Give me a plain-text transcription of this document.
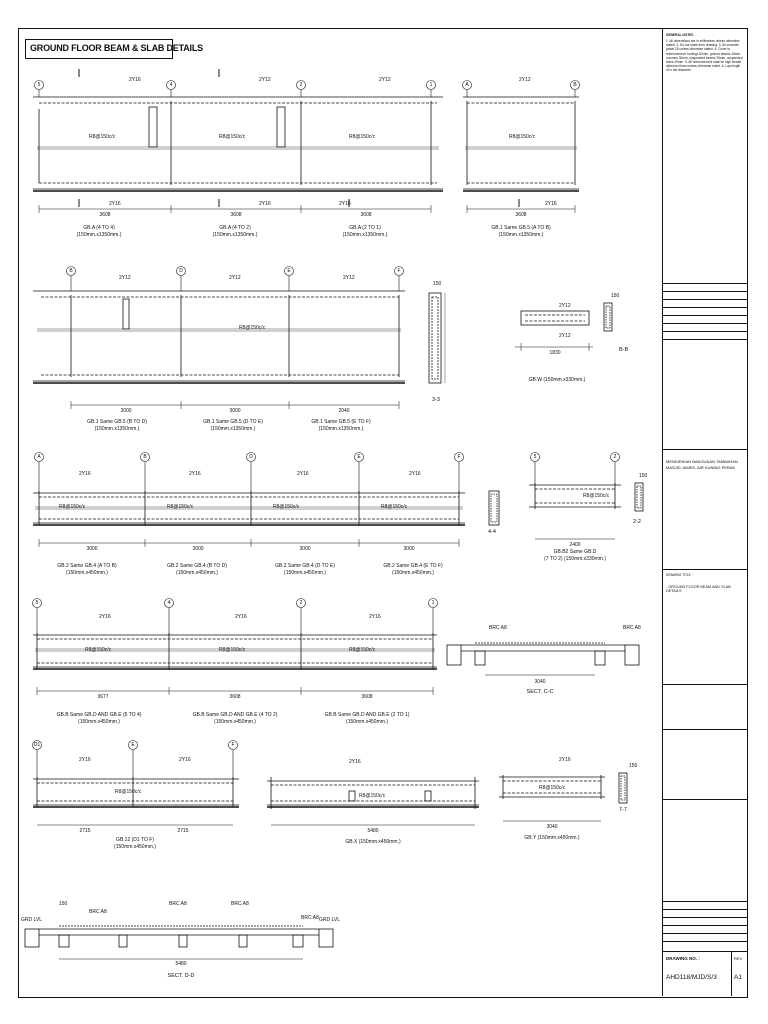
GROUND FLOOR BEAM & SLAB DETAILS
5	4	2	1	A	B
B	D	E	F
A	B	D	E	F	5	2
5	4	2	1
D1	E	F
2Y16	2Y12	2Y12	2Y12
R8@150c/c	R8@150c/c	R8@150c/c	R8@150c/c
2Y16	2Y16	2Y16	2Y16
2Y12	2Y12	2Y12
R8@150c/c
150
2Y12
2Y12
150
2Y16	2Y16	2Y16	2Y16
R8@150c/c	R8@150c/c	R8@150c/c	R8@150c/c
R8@150c/c
150
2Y16	2Y16	2Y16
R8@150c/c	R8@150c/c	R8@150c/c
BRC A8	BRC A8
3040
2Y16	2Y16
R8@150c/c
2Y16
R8@150c/c
2Y16
R8@150c/c
150
GRD LVL	GRD LVL
BRC A8
BRC A8	BRC A8
BRC A8
150
5480
3608	3608	3608	3608
3000	3000	2040
1830
3000	3000	3000	3000
2400
3677	3608	3608
2715	2715	5480
3040
GB.A (4 TO 4)
(150mm.x1350mm.)
GB.A (4 TO 2)
(150mm.x1350mm.)
GB.A (2 TO 1)
(150mm.x1350mm.)
GB.1 Same GB.5 (A TO B)
(150mm.x1350mm.)
GB.1 Same GB.5 (B TO D)
(150mm.x1350mm.)
GB.1 Same GB.5 (D TO E)
(150mm.x1350mm.)
GB.1 Same GB.5 (E TO F)
(150mm.x1350mm.)
GB.W (150mm.x330mm.)
3-3
B-B
GB.2 Same GB.4 (A TO B)
(150mm.x450mm.)
GB.2 Same GB.4 (B TO D)
(150mm.x450mm.)
GB.2 Same GB.4 (D TO E)
(150mm.x450mm.)
GB.2 Same GB.4 (E TO F)
(150mm.x450mm.)
GB.B2 Same GB.D
(7 TO 2) (150mm.x330mm.)
4-4
2-2
GB.B Same GB.D AND GB.E (5 TO 4)
(150mm.x450mm.)
GB.B Same GB.D AND GB.E (4 TO 2)
(150mm.x450mm.)
GB.B Same GB.D AND GB.E (2 TO 1)
(150mm.x450mm.)
SECT. C-C
GB.12 (D1 TO F)
(150mm.x450mm.)
GB.X (150mm.x450mm.)
GB.Y (150mm.x450mm.)
7-7
SECT. D-D
GENERAL NOTES
1. All dimensions are in millimetres unless otherwise stated. 2. Do not scale from drawing. 3. All concrete grade 25 unless otherwise stated. 4. Cover to reinforcement: footings 50mm, ground beams 40mm, columns 30mm, suspended beams 25mm, suspended slabs 20mm. 5. All reinforcement shall be high tensile deformed bars unless otherwise noted. 6. Lap length 40 x bar diameter.
MENDIRIKAN BANGUNAN TAMBAHAN MASJID JAMEK, AIR KUNING PERAK
DRAWING TITLE :
- GROUND FLOOR BEAM AND SLAB DETAILS
DRAWING NO. :
AHD118/MJD/S/3
REV.
A1
